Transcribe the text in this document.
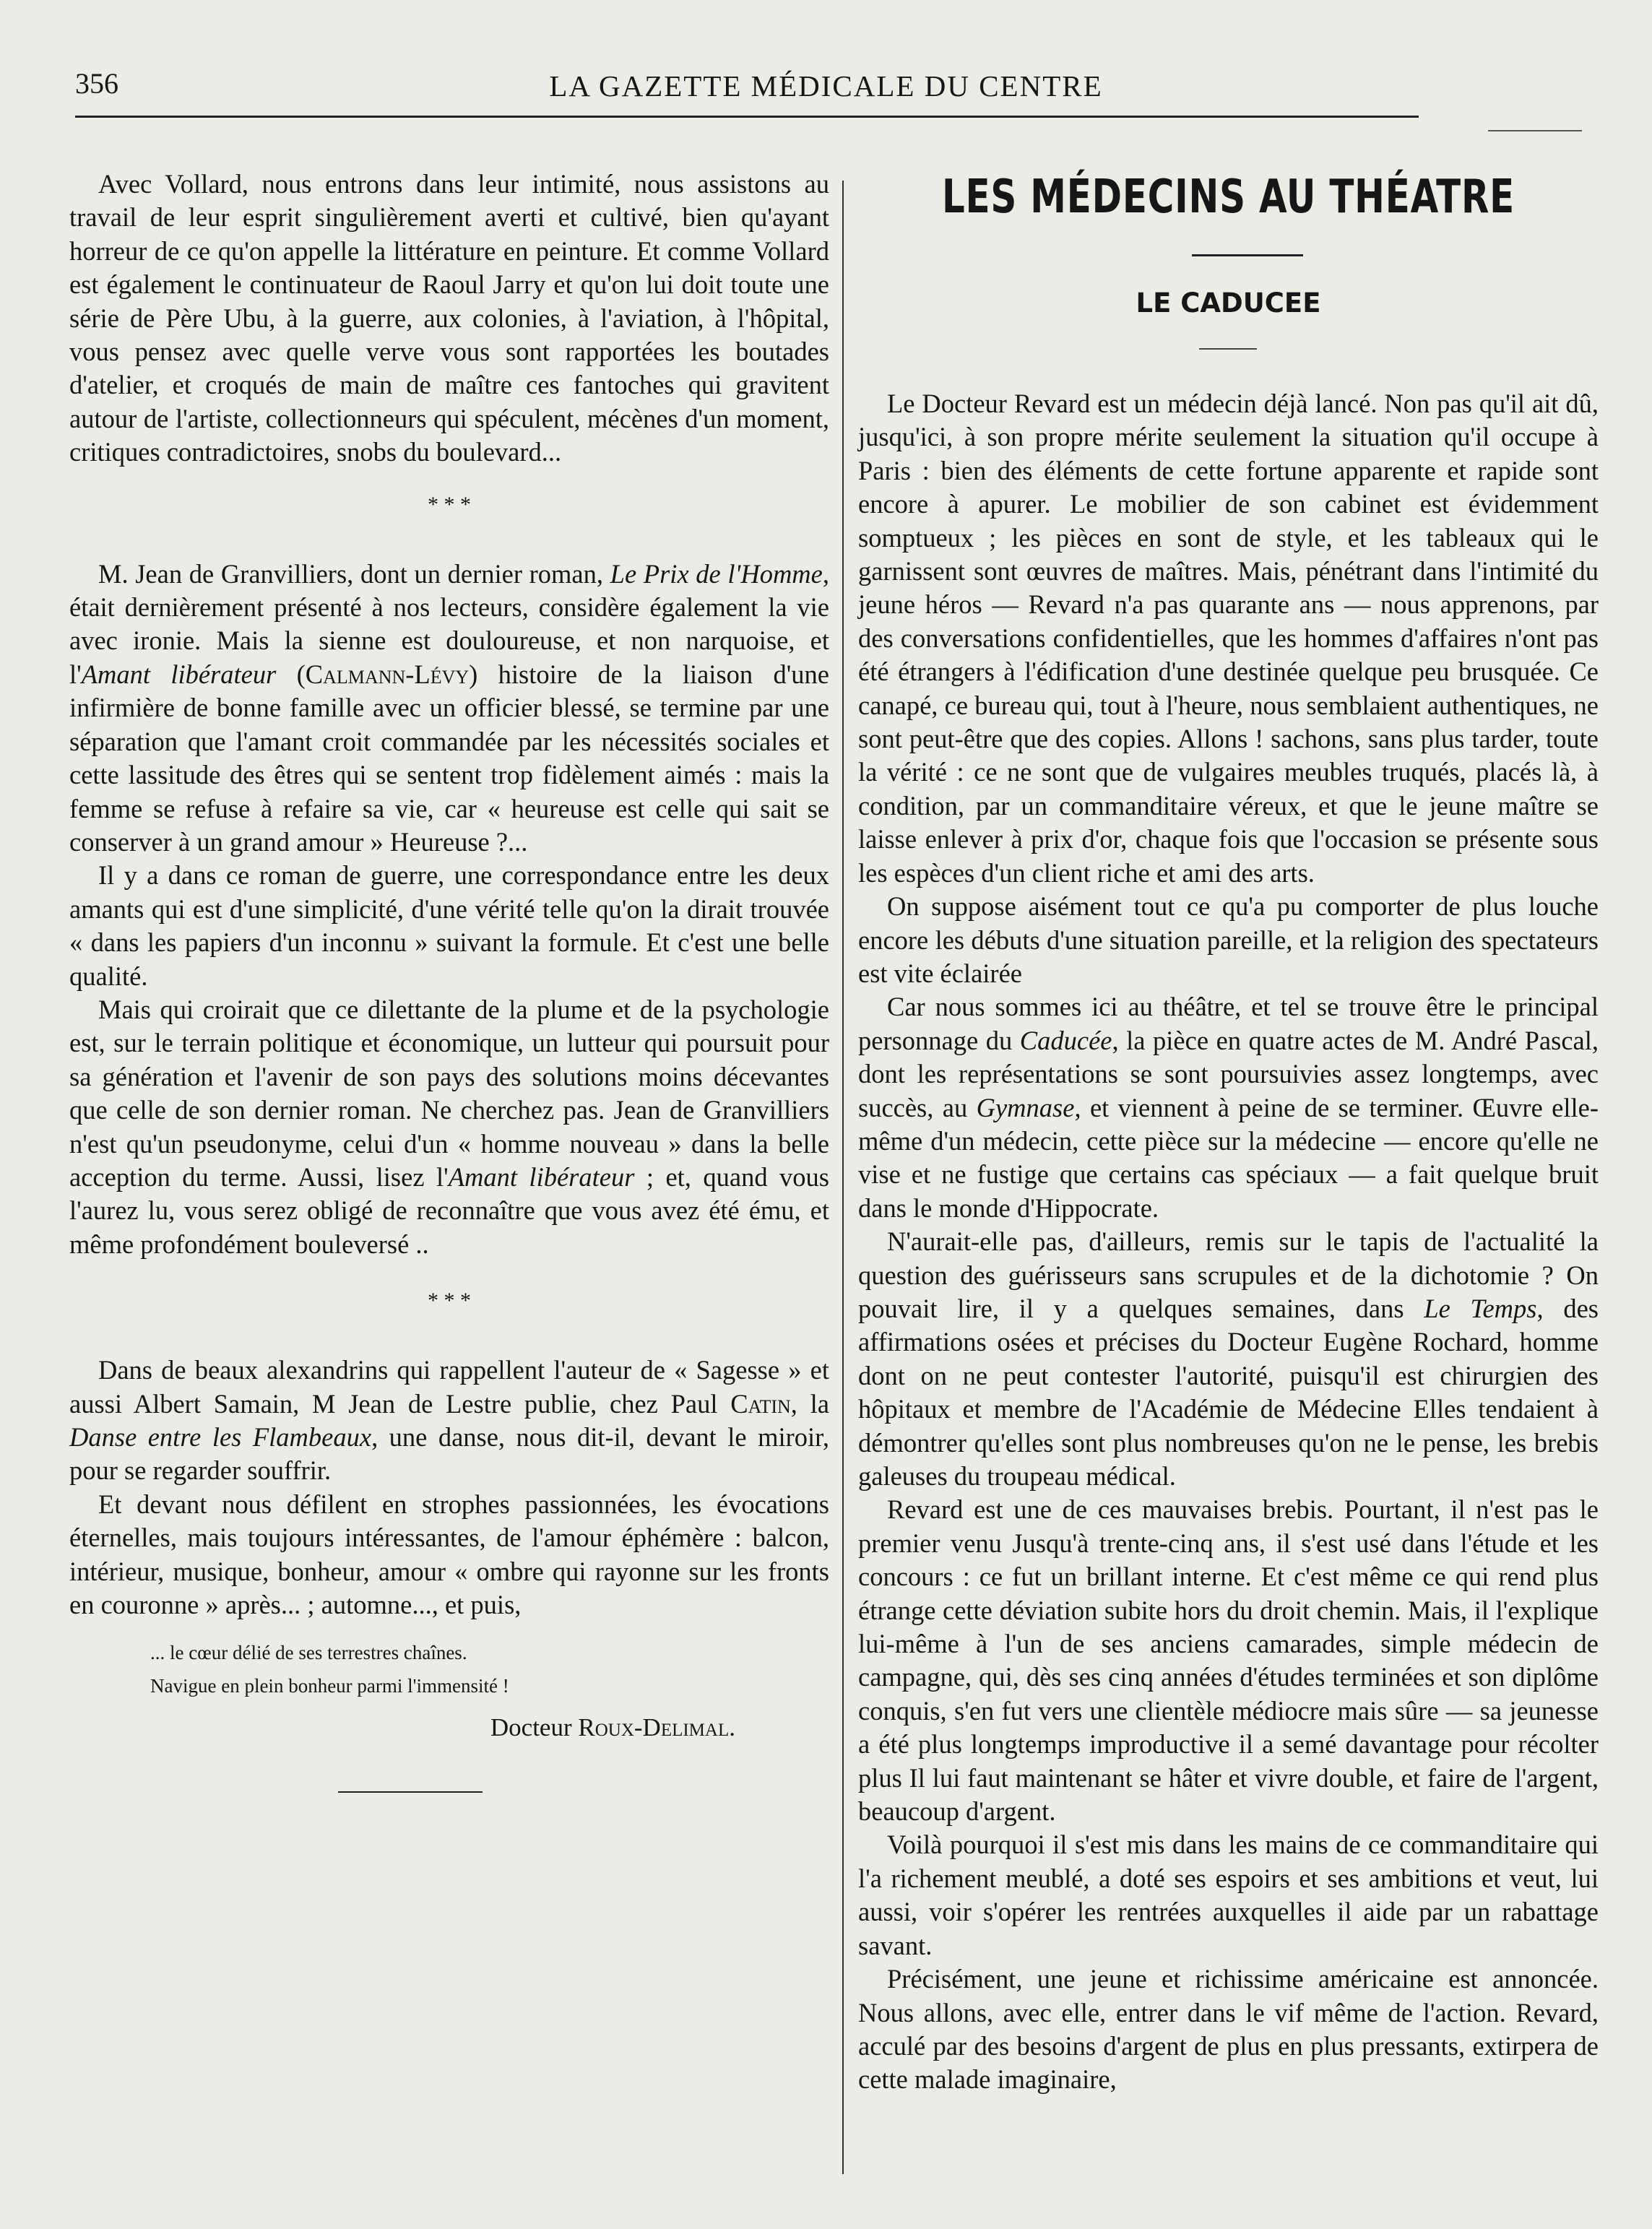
356	LA GAZETTE MÉDICALE DU CENTRE

Avec Vollard, nous entrons dans leur intimité, nous assistons au travail de leur esprit singulièrement averti et cultivé, bien qu'ayant horreur de ce qu'on appelle la littérature en peinture. Et comme Vollard est également le continuateur de Raoul Jarry et qu'on lui doit toute une série de Père Ubu, à la guerre, aux colonies, à l'aviation, à l'hôpital, vous pensez avec quelle verve vous sont rapportées les boutades d'atelier, et croqués de main de maître ces fantoches qui gravitent autour de l'artiste, collectionneurs qui spéculent, mécènes d'un moment, critiques contradictoires, snobs du boulevard...

* * *

M. Jean de Granvilliers, dont un dernier roman, Le Prix de l'Homme, était dernièrement présenté à nos lecteurs, considère également la vie avec ironie. Mais la sienne est douloureuse, et non narquoise, et l'Amant libérateur (Calmann-Lévy) histoire de la liaison d'une infirmière de bonne famille avec un officier blessé, se termine par une séparation que l'amant croit commandée par les nécessités sociales et cette lassitude des êtres qui se sentent trop fidèlement aimés : mais la femme se refuse à refaire sa vie, car « heureuse est celle qui sait se conserver à un grand amour » Heureuse ?...

Il y a dans ce roman de guerre, une correspondance entre les deux amants qui est d'une simplicité, d'une vérité telle qu'on la dirait trouvée « dans les papiers d'un inconnu » suivant la formule. Et c'est une belle qualité.

Mais qui croirait que ce dilettante de la plume et de la psychologie est, sur le terrain politique et économique, un lutteur qui poursuit pour sa génération et l'avenir de son pays des solutions moins décevantes que celle de son dernier roman. Ne cherchez pas. Jean de Granvilliers n'est qu'un pseudonyme, celui d'un « homme nouveau » dans la belle acception du terme. Aussi, lisez l'Amant libérateur ; et, quand vous l'aurez lu, vous serez obligé de reconnaître que vous avez été ému, et même profondément bouleversé ..

* * *

Dans de beaux alexandrins qui rappellent l'auteur de « Sagesse » et aussi Albert Samain, M Jean de Lestre publie, chez Paul Catin, la Danse entre les Flambeaux, une danse, nous dit-il, devant le miroir, pour se regarder souffrir.

Et devant nous défilent en strophes passionnées, les évocations éternelles, mais toujours intéressantes, de l'amour éphémère : balcon, intérieur, musique, bonheur, amour « ombre qui rayonne sur les fronts en couronne » après... ; automne..., et puis,

... le cœur délié de ses terrestres chaînes.
Navigue en plein bonheur parmi l'immensité !
Docteur Roux-Delimal.
LES MÉDECINS AU THÉATRE
LE CADUCEE

Le Docteur Revard est un médecin déjà lancé. Non pas qu'il ait dû, jusqu'ici, à son propre mérite seulement la situation qu'il occupe à Paris : bien des éléments de cette fortune apparente et rapide sont encore à apurer. Le mobilier de son cabinet est évidemment somptueux ; les pièces en sont de style, et les tableaux qui le garnissent sont œuvres de maîtres. Mais, pénétrant dans l'intimité du jeune héros — Revard n'a pas quarante ans — nous apprenons, par des conversations confidentielles, que les hommes d'affaires n'ont pas été étrangers à l'édification d'une destinée quelque peu brusquée. Ce canapé, ce bureau qui, tout à l'heure, nous semblaient authentiques, ne sont peut-être que des copies. Allons ! sachons, sans plus tarder, toute la vérité : ce ne sont que de vulgaires meubles truqués, placés là, à condition, par un commanditaire véreux, et que le jeune maître se laisse enlever à prix d'or, chaque fois que l'occasion se présente sous les espèces d'un client riche et ami des arts.

On suppose aisément tout ce qu'a pu comporter de plus louche encore les débuts d'une situation pareille, et la religion des spectateurs est vite éclairée

Car nous sommes ici au théâtre, et tel se trouve être le principal personnage du Caducée, la pièce en quatre actes de M. André Pascal, dont les représentations se sont poursuivies assez longtemps, avec succès, au Gymnase, et viennent à peine de se terminer. Œuvre elle-même d'un médecin, cette pièce sur la médecine — encore qu'elle ne vise et ne fustige que certains cas spéciaux — a fait quelque bruit dans le monde d'Hippocrate.

N'aurait-elle pas, d'ailleurs, remis sur le tapis de l'actualité la question des guérisseurs sans scrupules et de la dichotomie ? On pouvait lire, il y a quelques semaines, dans Le Temps, des affirmations osées et précises du Docteur Eugène Rochard, homme dont on ne peut contester l'autorité, puisqu'il est chirurgien des hôpitaux et membre de l'Académie de Médecine Elles tendaient à démontrer qu'elles sont plus nombreuses qu'on ne le pense, les brebis galeuses du troupeau médical.

Revard est une de ces mauvaises brebis. Pourtant, il n'est pas le premier venu Jusqu'à trente-cinq ans, il s'est usé dans l'étude et les concours : ce fut un brillant interne. Et c'est même ce qui rend plus étrange cette déviation subite hors du droit chemin. Mais, il l'explique lui-même à l'un de ses anciens camarades, simple médecin de campagne, qui, dès ses cinq années d'études terminées et son diplôme conquis, s'en fut vers une clientèle médiocre mais sûre — sa jeunesse a été plus longtemps improductive il a semé davantage pour récolter plus Il lui faut maintenant se hâter et vivre double, et faire de l'argent, beaucoup d'argent.

Voilà pourquoi il s'est mis dans les mains de ce commanditaire qui l'a richement meublé, a doté ses espoirs et ses ambitions et veut, lui aussi, voir s'opérer les rentrées auxquelles il aide par un rabattage savant.

Précisément, une jeune et richissime américaine est annoncée. Nous allons, avec elle, entrer dans le vif même de l'action. Revard, acculé par des besoins d'argent de plus en plus pressants, extirpera de cette malade imaginaire,
